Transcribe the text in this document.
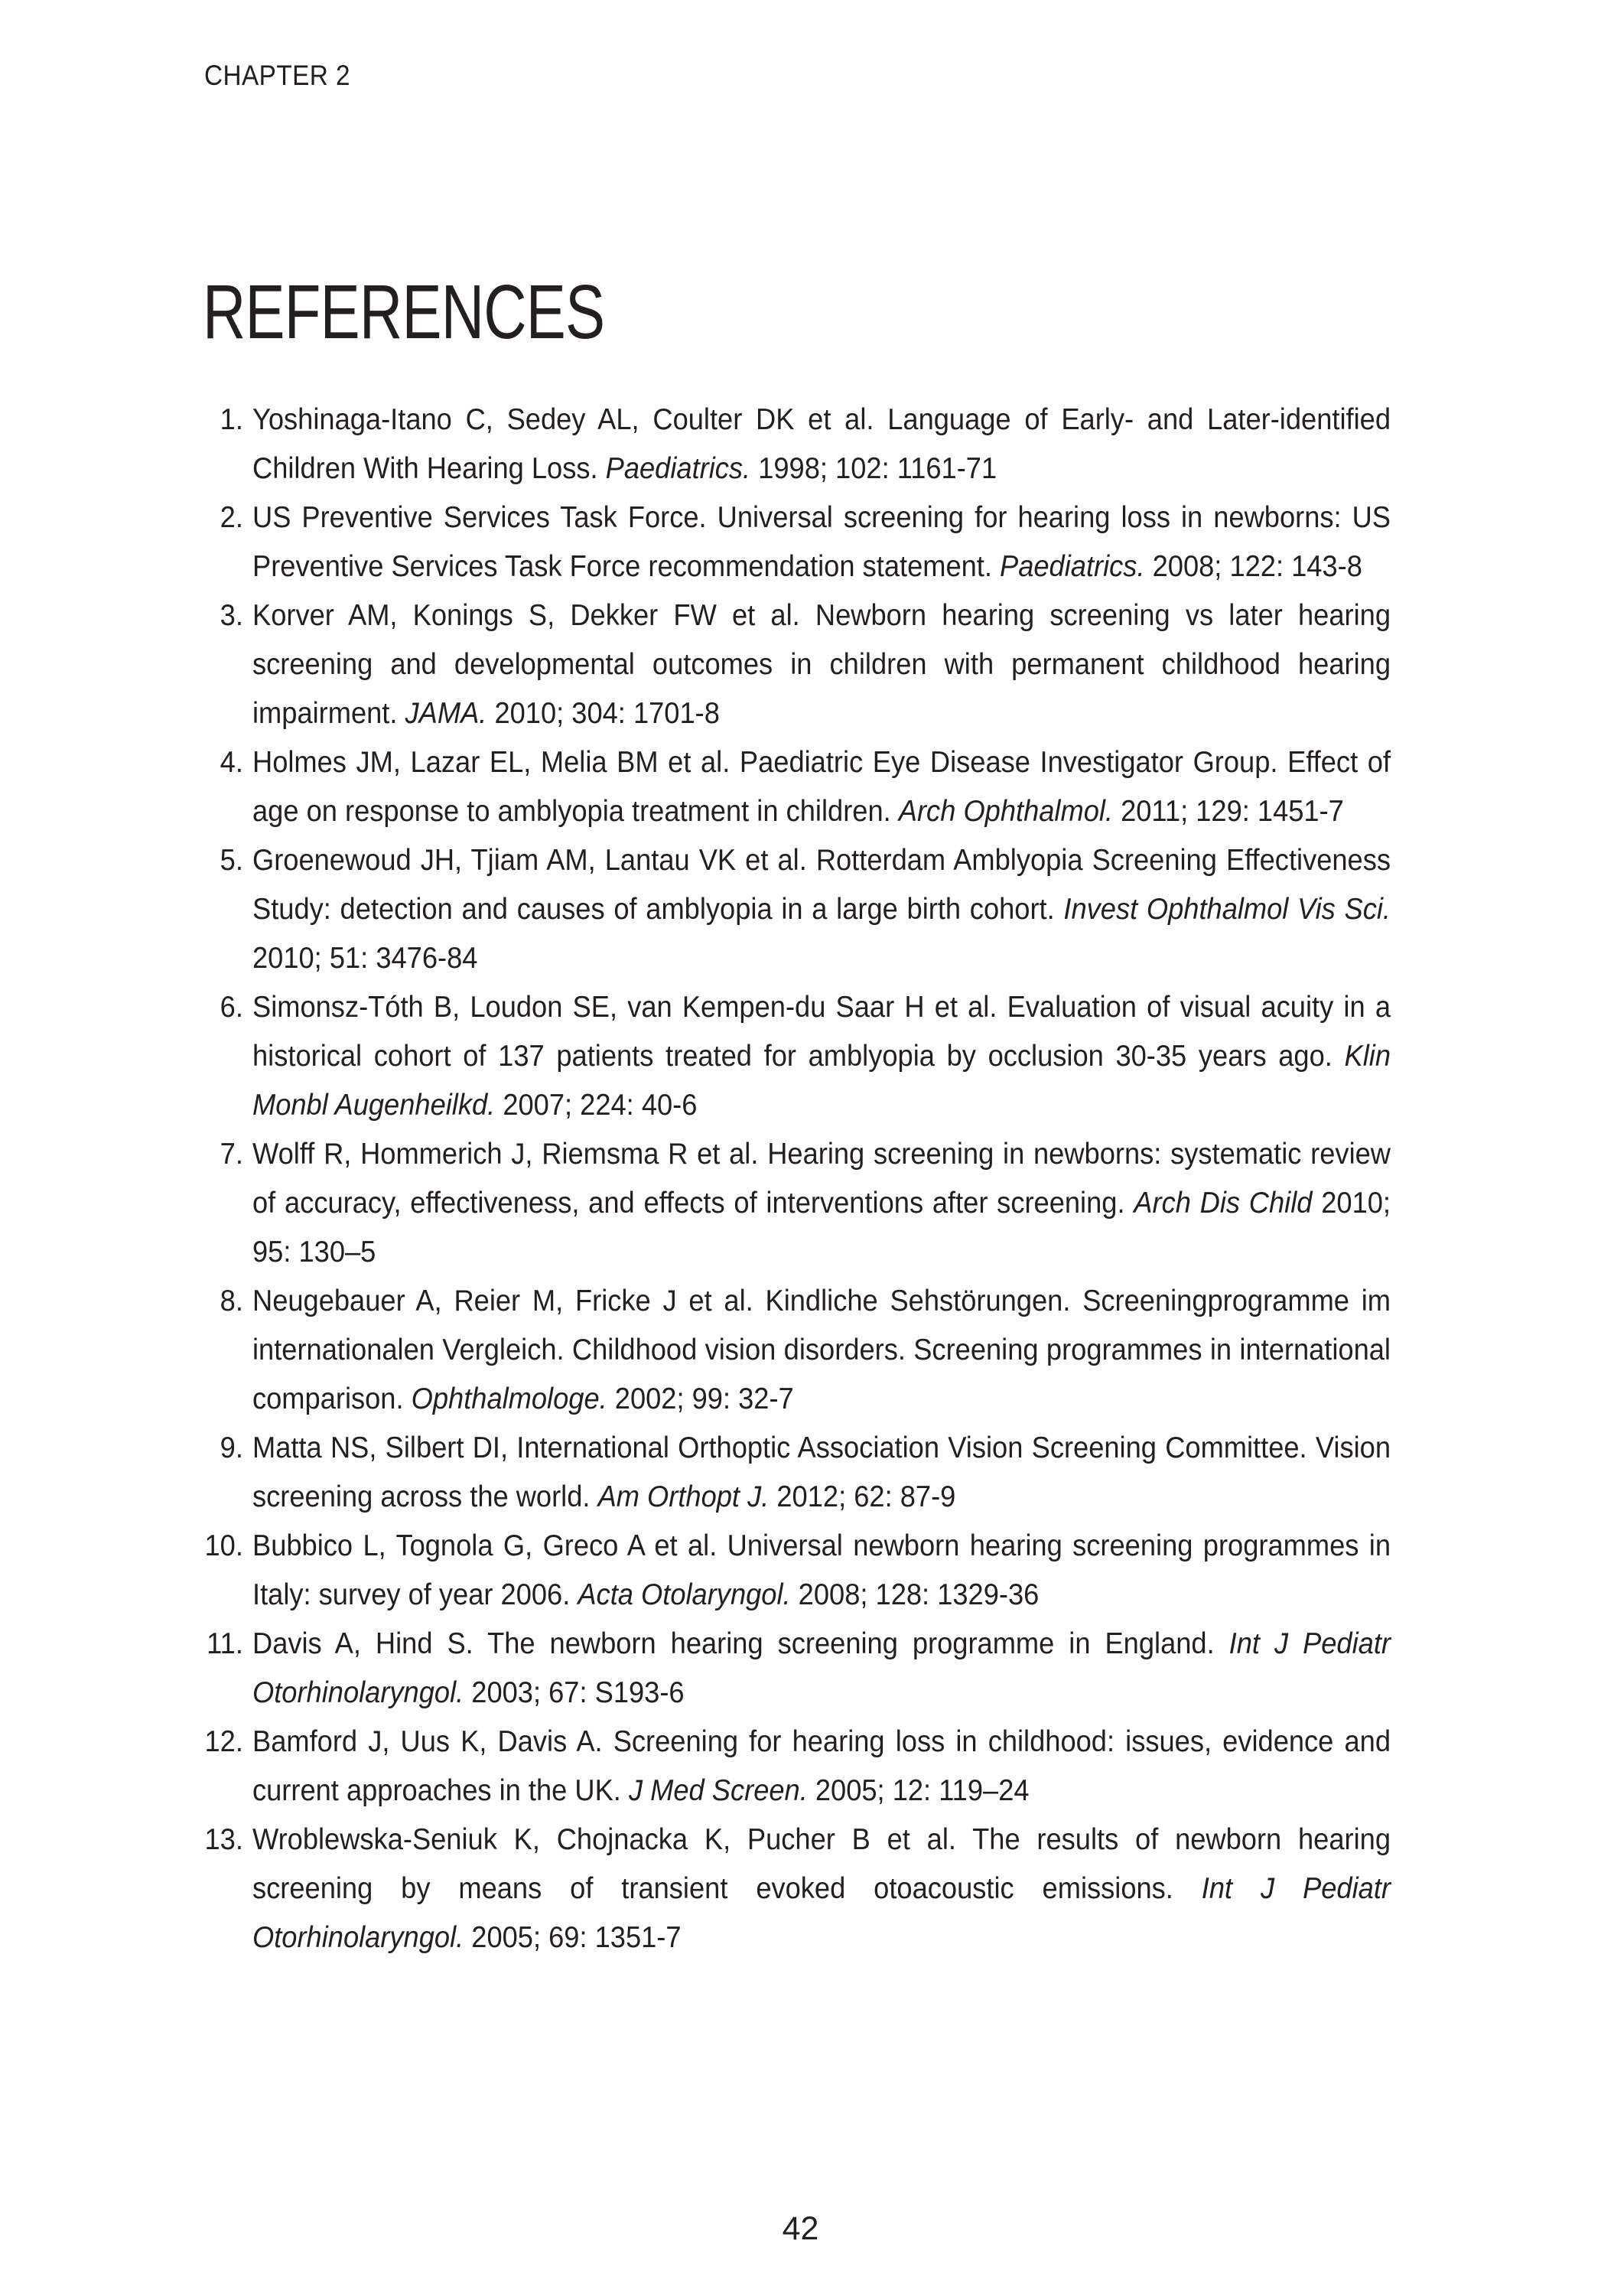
CHAPTER 2
REFERENCES
1. Yoshinaga-Itano C, Sedey AL, Coulter DK et al. Language of Early- and Later-identified Children With Hearing Loss. Paediatrics. 1998; 102: 1161-71
2. US Preventive Services Task Force. Universal screening for hearing loss in newborns: US Preventive Services Task Force recommendation statement. Paediatrics. 2008; 122: 143-8
3. Korver AM, Konings S, Dekker FW et al. Newborn hearing screening vs later hearing screening and developmental outcomes in children with permanent childhood hearing impairment. JAMA. 2010; 304: 1701-8
4. Holmes JM, Lazar EL, Melia BM et al. Paediatric Eye Disease Investigator Group. Effect of age on response to amblyopia treatment in children. Arch Ophthalmol. 2011; 129: 1451-7
5. Groenewoud JH, Tjiam AM, Lantau VK et al. Rotterdam Amblyopia Screening Effectiveness Study: detection and causes of amblyopia in a large birth cohort. Invest Ophthalmol Vis Sci. 2010; 51: 3476-84
6. Simonsz-Tóth B, Loudon SE, van Kempen-du Saar H et al. Evaluation of visual acuity in a historical cohort of 137 patients treated for amblyopia by occlusion 30-35 years ago. Klin Monbl Augenheilkd. 2007; 224: 40-6
7. Wolff R, Hommerich J, Riemsma R et al. Hearing screening in newborns: systematic review of accuracy, effectiveness, and effects of interventions after screening. Arch Dis Child 2010; 95: 130–5
8. Neugebauer A, Reier M, Fricke J et al. Kindliche Sehstörungen. Screeningprogramme im internationalen Vergleich. Childhood vision disorders. Screening programmes in international comparison. Ophthalmologe. 2002; 99: 32-7
9. Matta NS, Silbert DI, International Orthoptic Association Vision Screening Committee. Vision screening across the world. Am Orthopt J. 2012; 62: 87-9
10. Bubbico L, Tognola G, Greco A et al. Universal newborn hearing screening programmes in Italy: survey of year 2006. Acta Otolaryngol. 2008; 128: 1329-36
11. Davis A, Hind S. The newborn hearing screening programme in England. Int J Pediatr Otorhinolaryngol. 2003; 67: S193-6
12. Bamford J, Uus K, Davis A. Screening for hearing loss in childhood: issues, evidence and current approaches in the UK. J Med Screen. 2005; 12: 119–24
13. Wroblewska-Seniuk K, Chojnacka K, Pucher B et al. The results of newborn hearing screening by means of transient evoked otoacoustic emissions. Int J Pediatr Otorhinolaryngol. 2005; 69: 1351-7
42
